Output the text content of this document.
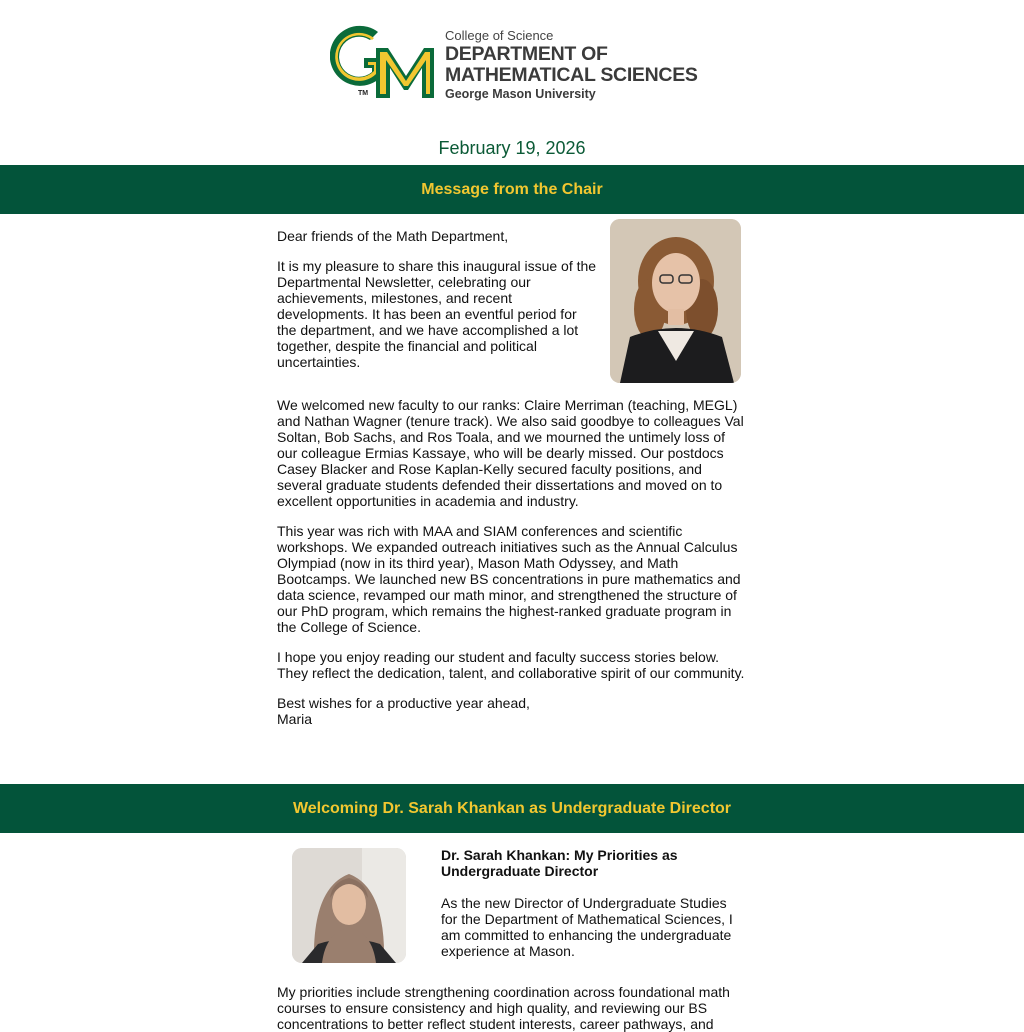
TM
College of Science
DEPARTMENT OF
MATHEMATICAL SCIENCES
George Mason University
February 19, 2026
Message from the Chair

Dear friends of the Math Department,

It is my pleasure to share this inaugural issue of the Departmental Newsletter, celebrating our achievements, milestones, and recent developments. It has been an eventful period for the department, and we have accomplished a lot together, despite the financial and political uncertainties.

We welcomed new faculty to our ranks: Claire Merriman (teaching, MEGL) and Nathan Wagner (tenure track). We also said goodbye to colleagues Val Soltan, Bob Sachs, and Ros Toala, and we mourned the untimely loss of our colleague Ermias Kassaye, who will be dearly missed. Our postdocs Casey Blacker and Rose Kaplan-Kelly secured faculty positions, and several graduate students defended their dissertations and moved on to excellent opportunities in academia and industry.

This year was rich with MAA and SIAM conferences and scientific workshops. We expanded outreach initiatives such as the Annual Calculus Olympiad (now in its third year), Mason Math Odyssey, and Math Bootcamps. We launched new BS concentrations in pure mathematics and data science, revamped our math minor, and strengthened the structure of our PhD program, which remains the highest-ranked graduate program in the College of Science.

I hope you enjoy reading our student and faculty success stories below. They reflect the dedication, talent, and collaborative spirit of our community.

Best wishes for a productive year ahead,
Maria

Welcoming Dr. Sarah Khankan as Undergraduate Director
Dr. Sarah Khankan: My Priorities as Undergraduate Director
As the new Director of Undergraduate Studies for the Department of Mathematical Sciences, I am committed to enhancing the undergraduate experience at Mason.
My priorities include strengthening coordination across foundational math courses to ensure consistency and high quality, and reviewing our BS concentrations to better reflect student interests, career pathways, and
